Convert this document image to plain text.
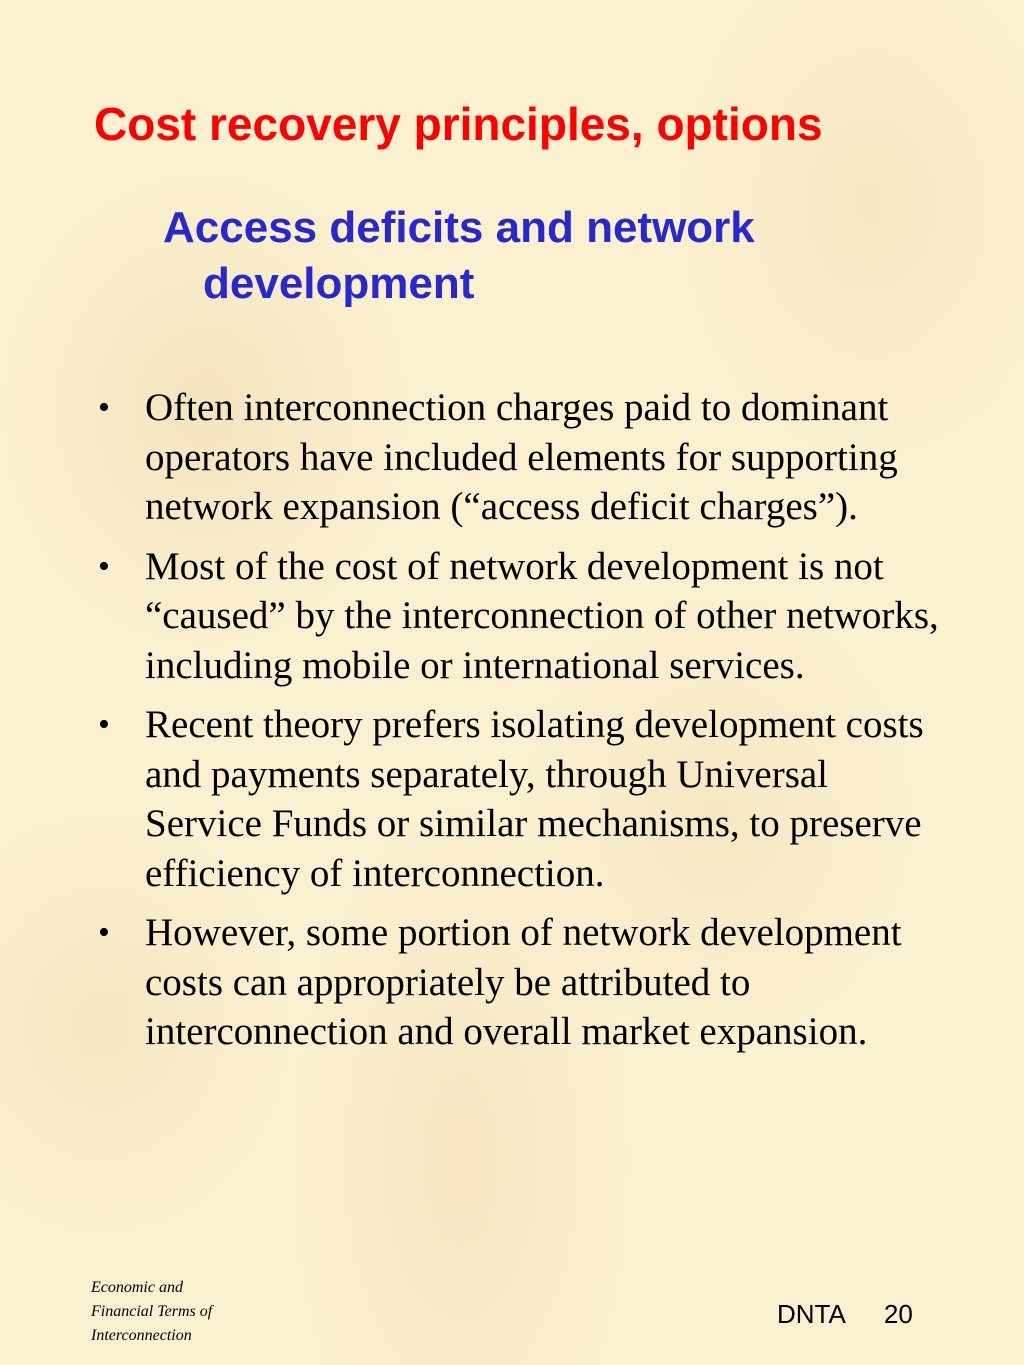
Cost recovery principles, options
Access deficits and network development
• Often interconnection charges paid to dominant operators have included elements for supporting network expansion (“access deficit charges”).
• Most of the cost of network development is not “caused” by the interconnection of other networks, including mobile or international services.
• Recent theory prefers isolating development costs and payments separately, through Universal Service Funds or similar mechanisms, to preserve efficiency of interconnection.
• However, some portion of network development costs can appropriately be attributed to interconnection and overall market expansion.
Economic and
Financial Terms of
Interconnection
DNTA 20
